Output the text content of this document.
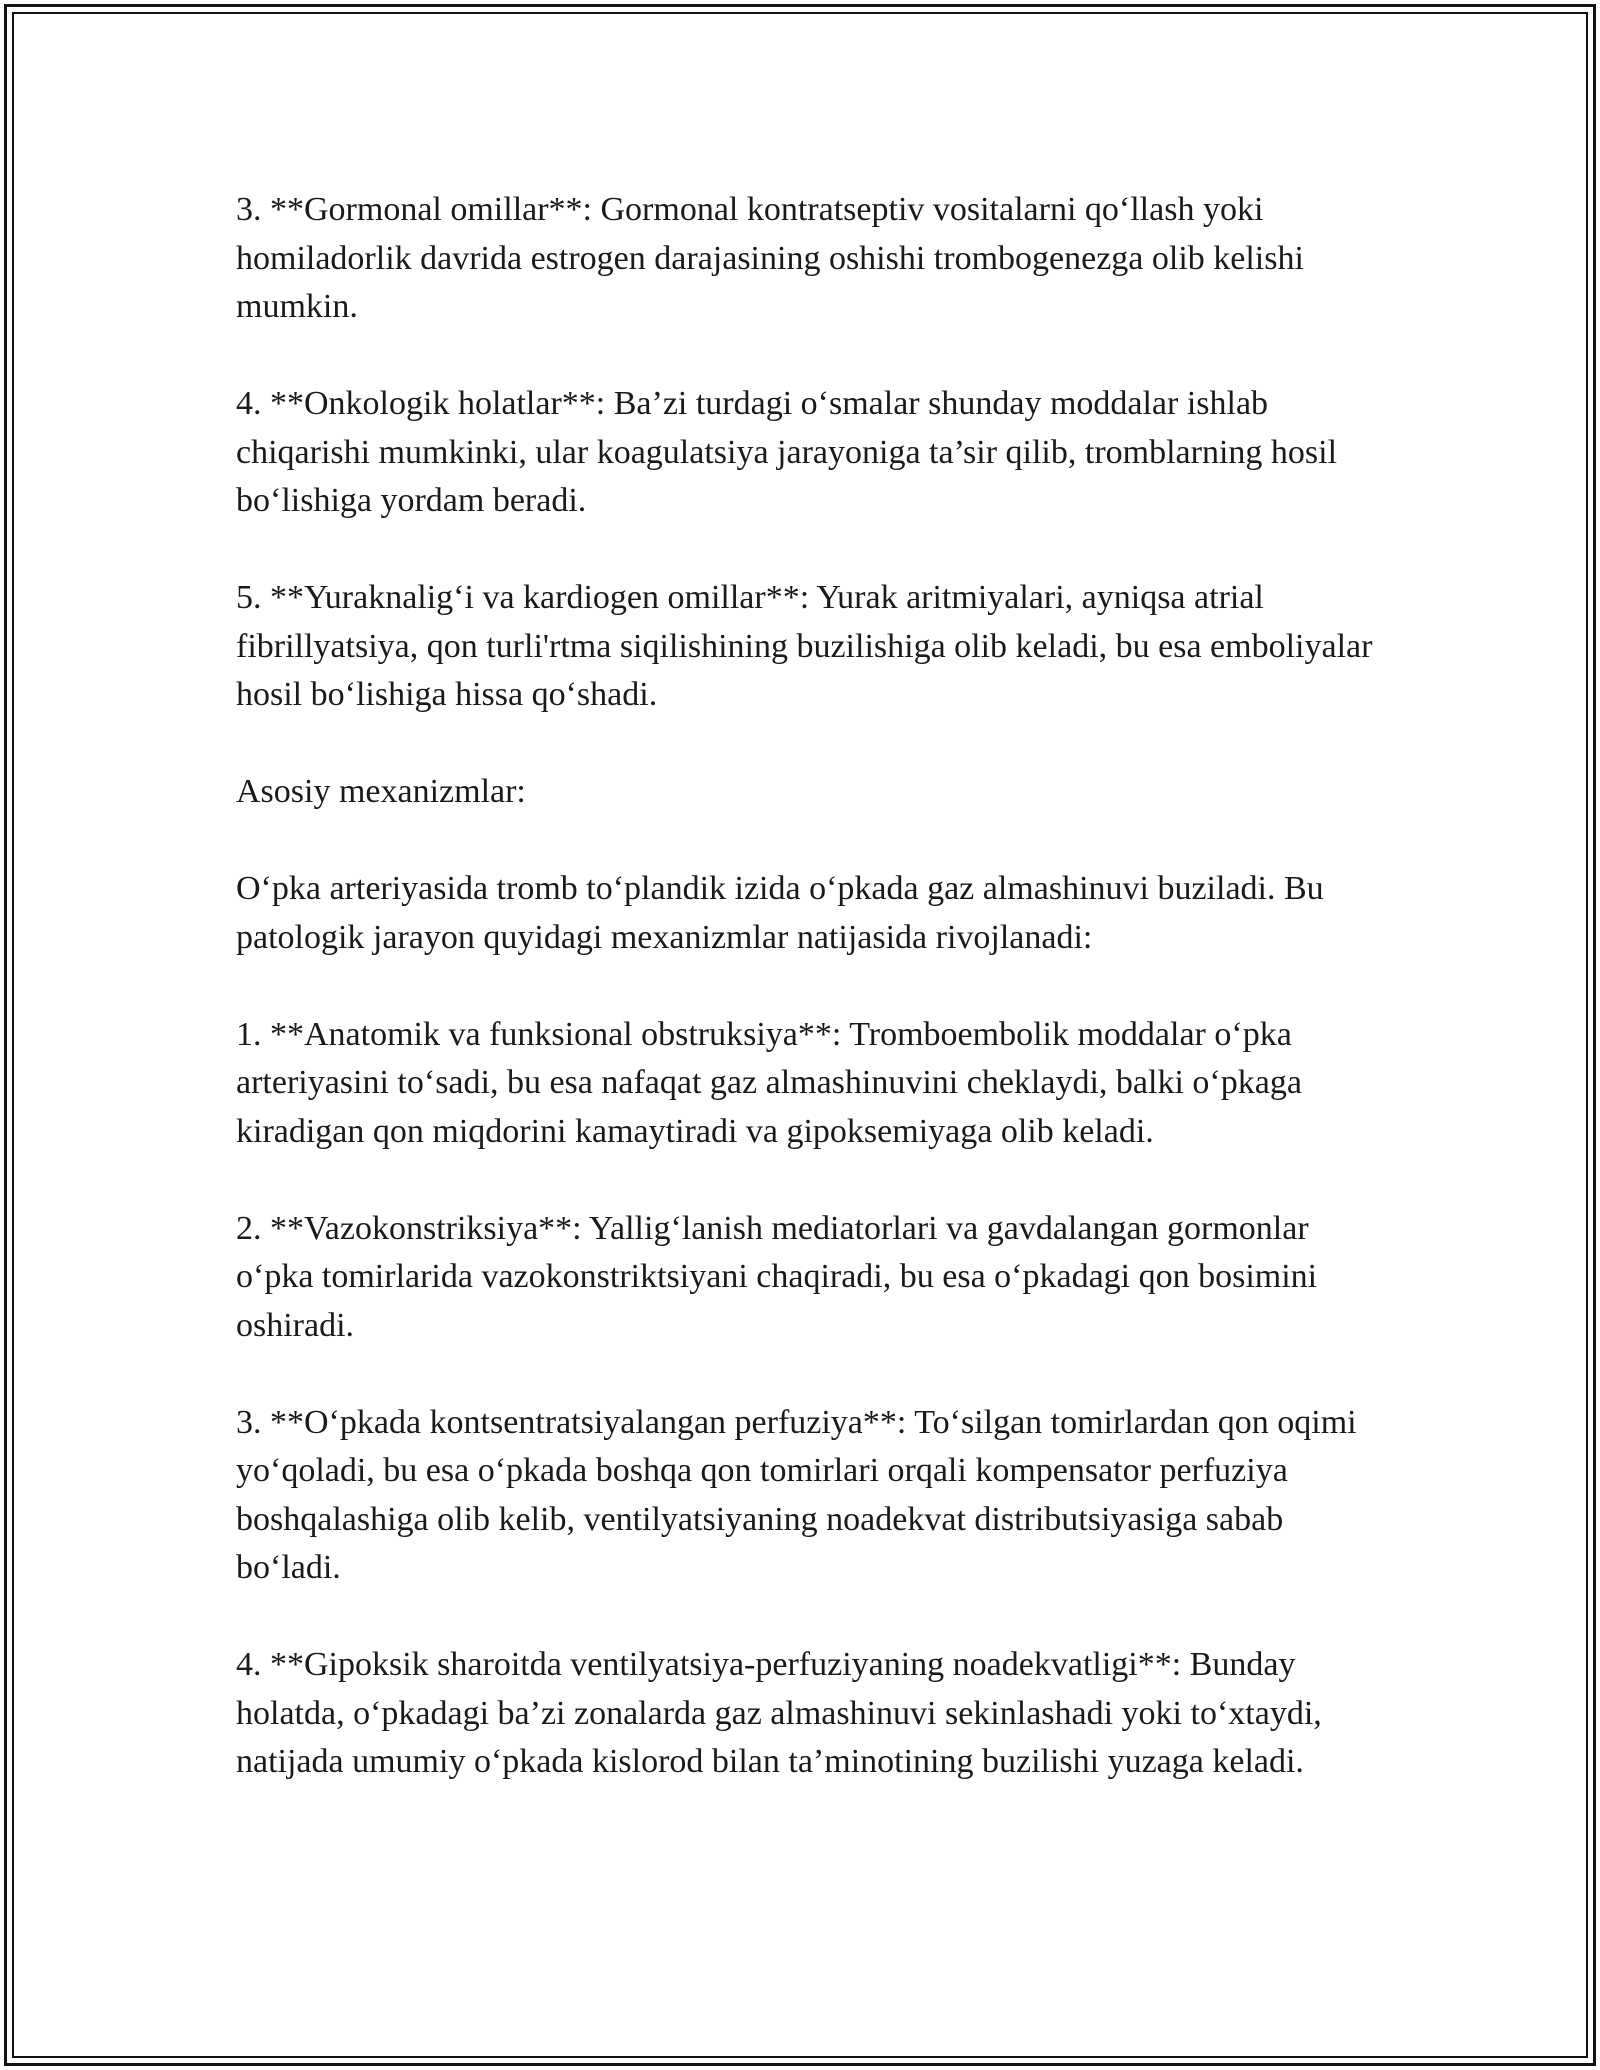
3. **Gormonal omillar**: Gormonal kontratseptiv vositalarni qo‘llash yoki homiladorlik davrida estrogen darajasining oshishi trombogenezga olib kelishi mumkin.

4. **Onkologik holatlar**: Ba’zi turdagi o‘smalar shunday moddalar ishlab chiqarishi mumkinki, ular koagulatsiya jarayoniga ta’sir qilib, tromblarning hosil bo‘lishiga yordam beradi.

5. **Yuraknalig‘i va kardiogen omillar**: Yurak aritmiyalari, ayniqsa atrial fibrillyatsiya, qon turli'rtma siqilishining buzilishiga olib keladi, bu esa emboliyalar hosil bo‘lishiga hissa qo‘shadi.

Asosiy mexanizmlar:

O‘pka arteriyasida tromb to‘plandik izida o‘pkada gaz almashinuvi buziladi. Bu patologik jarayon quyidagi mexanizmlar natijasida rivojlanadi:

1. **Anatomik va funksional obstruksiya**: Tromboembolik moddalar o‘pka arteriyasini to‘sadi, bu esa nafaqat gaz almashinuvini cheklaydi, balki o‘pkaga kiradigan qon miqdorini kamaytiradi va gipoksemiyaga olib keladi.

2. **Vazokonstriksiya**: Yallig‘lanish mediatorlari va gavdalangan gormonlar o‘pka tomirlarida vazokonstriktsiyani chaqiradi, bu esa o‘pkadagi qon bosimini oshiradi.

3. **O‘pkada kontsentratsiyalangan perfuziya**: To‘silgan tomirlardan qon oqimi yo‘qoladi, bu esa o‘pkada boshqa qon tomirlari orqali kompensator perfuziya boshqalashiga olib kelib, ventilyatsiyaning noadekvat distributsiyasiga sabab bo‘ladi.

4. **Gipoksik sharoitda ventilyatsiya-perfuziyaning noadekvatligi**: Bunday holatda, o‘pkadagi ba’zi zonalarda gaz almashinuvi sekinlashadi yoki to‘xtaydi, natijada umumiy o‘pkada kislorod bilan ta’minotining buzilishi yuzaga keladi.
